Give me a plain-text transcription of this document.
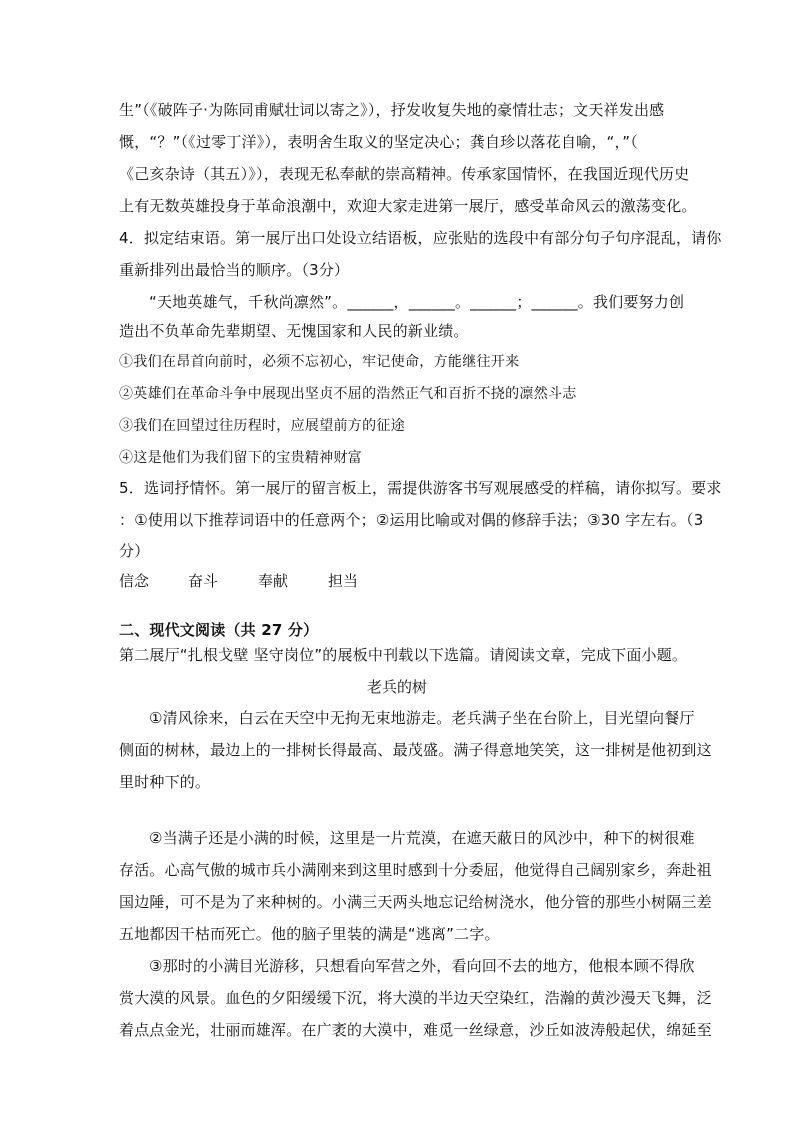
生”（《破阵子·为陈同甫赋壮词以寄之》），抒发收复失地的豪情壮志；文天祥发出感
慨，“？”（《过零丁洋》），表明舍生取义的坚定决心；龚自珍以落花自喻，“，”（
《己亥杂诗（其五）》），表现无私奉献的崇高精神。传承家国情怀，在我国近现代历史
上有无数英雄投身于革命浪潮中，欢迎大家走进第一展厅，感受革命风云的激荡变化。
4．拟定结束语。第一展厅出口处设立结语板，应张贴的选段中有部分句子句序混乱，请你
重新排列出最恰当的顺序。（3分）
“天地英雄气，千秋尚凛然”。______，______。______；______。我们要努力创
造出不负革命先辈期望、无愧国家和人民的新业绩。
①我们在昂首向前时，必须不忘初心，牢记使命，方能继往开来
②英雄们在革命斗争中展现出坚贞不屈的浩然正气和百折不挠的凛然斗志
③我们在回望过往历程时，应展望前方的征途
④这是他们为我们留下的宝贵精神财富
5．选词抒情怀。第一展厅的留言板上，需提供游客书写观展感受的样稿，请你拟写。要求
：①使用以下推荐词语中的任意两个；②运用比喻或对偶的修辞手法；③30 字左右。（3
分）
信念	奋斗	奉献	担当
二、现代文阅读（共 27 分）
第二展厅“扎根戈壁 坚守岗位”的展板中刊载以下选篇。请阅读文章，完成下面小题。
老兵的树
①清风徐来，白云在天空中无拘无束地游走。老兵满子坐在台阶上，目光望向餐厅
侧面的树林，最边上的一排树长得最高、最茂盛。满子得意地笑笑，这一排树是他初到这
里时种下的。
②当满子还是小满的时候，这里是一片荒漠，在遮天蔽日的风沙中，种下的树很难
存活。心高气傲的城市兵小满刚来到这里时感到十分委屈，他觉得自己阔别家乡，奔赴祖
国边陲，可不是为了来种树的。小满三天两头地忘记给树浇水，他分管的那些小树隔三差
五地都因干枯而死亡。他的脑子里装的满是“逃离”二字。
③那时的小满目光游移，只想看向军营之外，看向回不去的地方，他根本顾不得欣
赏大漠的风景。血色的夕阳缓缓下沉，将大漠的半边天空染红，浩瀚的黄沙漫天飞舞，泛
着点点金光，壮丽而雄浑。在广袤的大漠中，难觅一丝绿意，沙丘如波涛般起伏，绵延至
